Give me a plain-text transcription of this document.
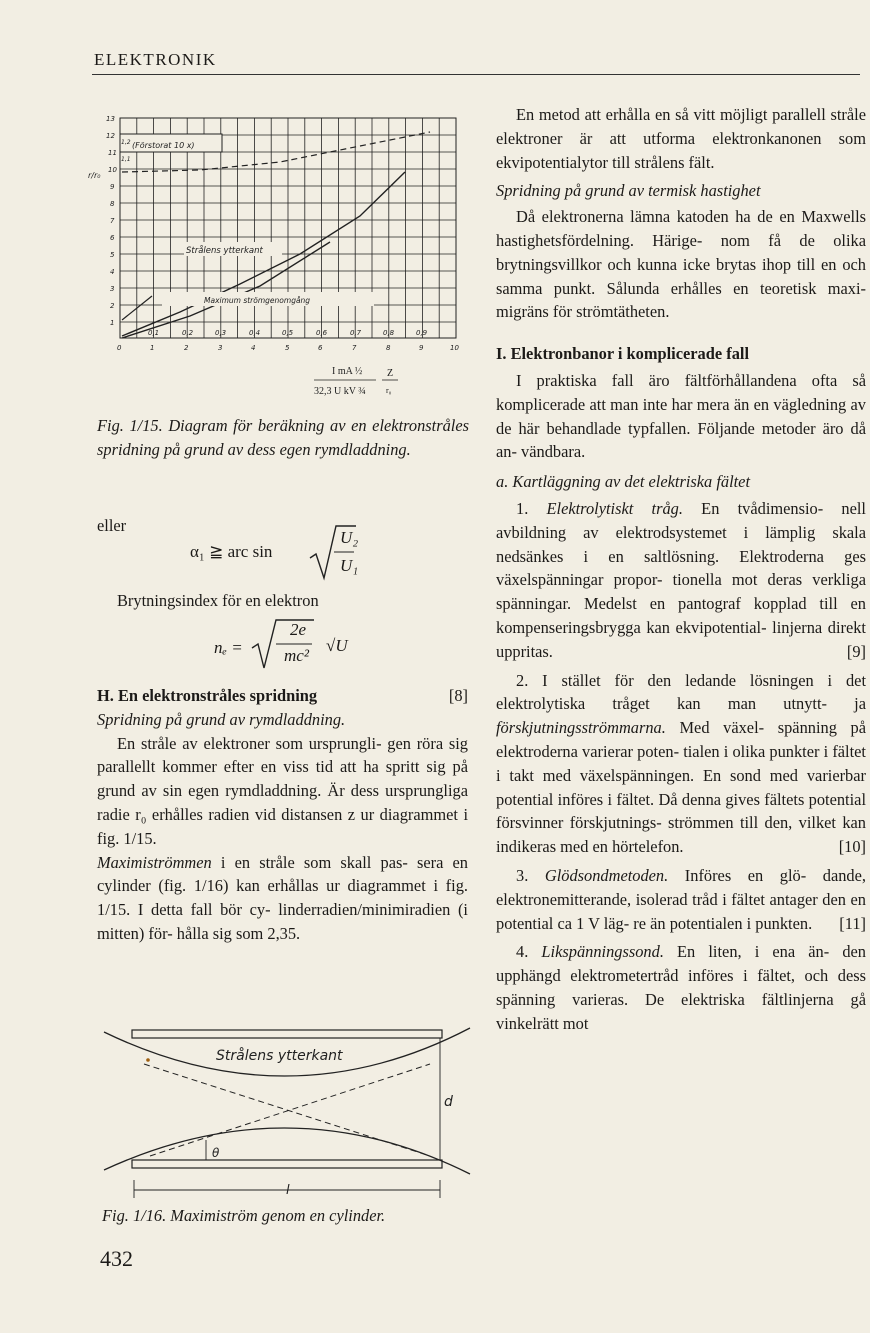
ELEKTRONIK
13
12
11
10
9
8
7
6
5
4
3
2
1
r/r₀
1,2
1,1
(Förstorat 10 x)
Strålens ytterkant
Maximum strömgenomgång
0	1	2	3	4	5	6	7	8	9	10
0,1	0,2	0,3	0,4	0,5	0,6	0,7	0,8	0,9
I mA ½
32,3 U kV ¾
Z
r₀
Fig. 1/15. Diagram för beräkning av en elektronstråles spridning på grund av dess egen rymdladdning.
eller
α₁ ≧ arc sin
U₂
U₁
Brytningsindex för en elektron
nₑ =
2e
mc²
√U

H. En elektronstråles spridning	[8]

Spridning på grund av rymdladdning.

En stråle av elektroner som ursprungli- gen röra sig parallellt kommer efter en viss tid att ha spritt sig på grund av sin egen rymdladdning. Är dess ursprungliga radie r₀ erhålles radien vid distansen z ur diagrammet i fig. 1/15.

Maximiströmmen i en stråle som skall pas- sera en cylinder (fig. 1/16) kan erhållas ur diagrammet i fig. 1/15. I detta fall bör cy- linderradien/minimiradien (i mitten) för- hålla sig som 2,35.

Strålens ytterkant
d
θ
l
Fig. 1/16. Maximiström genom en cylinder.
432

En metod att erhålla en så vitt möjligt parallell stråle elektroner är att utforma elektronkanonen som ekvipotentialytor till strålens fält.

Spridning på grund av termisk hastighet

Då elektronerna lämna katoden ha de en Maxwells hastighetsfördelning. Härige- nom få de olika brytningsvillkor och kunna icke brytas ihop till en och samma punkt. Sålunda erhålles en teoretisk maxi- migräns för strömtätheten.

I. Elektronbanor i komplicerade fall

I praktiska fall äro fältförhållandena ofta så komplicerade att man inte har mera än en vägledning av de här behandlade typfallen. Följande metoder äro då an- vändbara.

a. Kartläggning av det elektriska fältet

1. Elektrolytiskt tråg. En tvådimensio- nell avbildning av elektrodsystemet i lämplig skala nedsänkes i en saltlösning. Elektroderna ges växelspänningar propor- tionella mot deras verkliga spänningar. Medelst en pantograf kopplad till en kompenseringsbrygga kan ekvipotential- linjerna direkt uppritas.	[9]

2. I stället för den ledande lösningen i det elektrolytiska tråget kan man utnytt- ja förskjutningsströmmarna. Med växel- spänning på elektroderna varierar poten- tialen i olika punkter i fältet i takt med växelspänningen. En sond med varierbar potential införes i fältet. Då denna gives fältets potential försvinner förskjutnings- strömmen till den, vilket kan indikeras med en hörtelefon.	[10]

3. Glödsondmetoden. Införes en glö- dande, elektronemitterande, isolerad tråd i fältet antager den en potential ca 1 V läg- re än potentialen i punkten.	[11]

4. Likspänningssond. En liten, i ena än- den upphängd elektrometertråd införes i fältet, och dess spänning varieras. De elektriska fältlinjerna gå vinkelrätt mot
